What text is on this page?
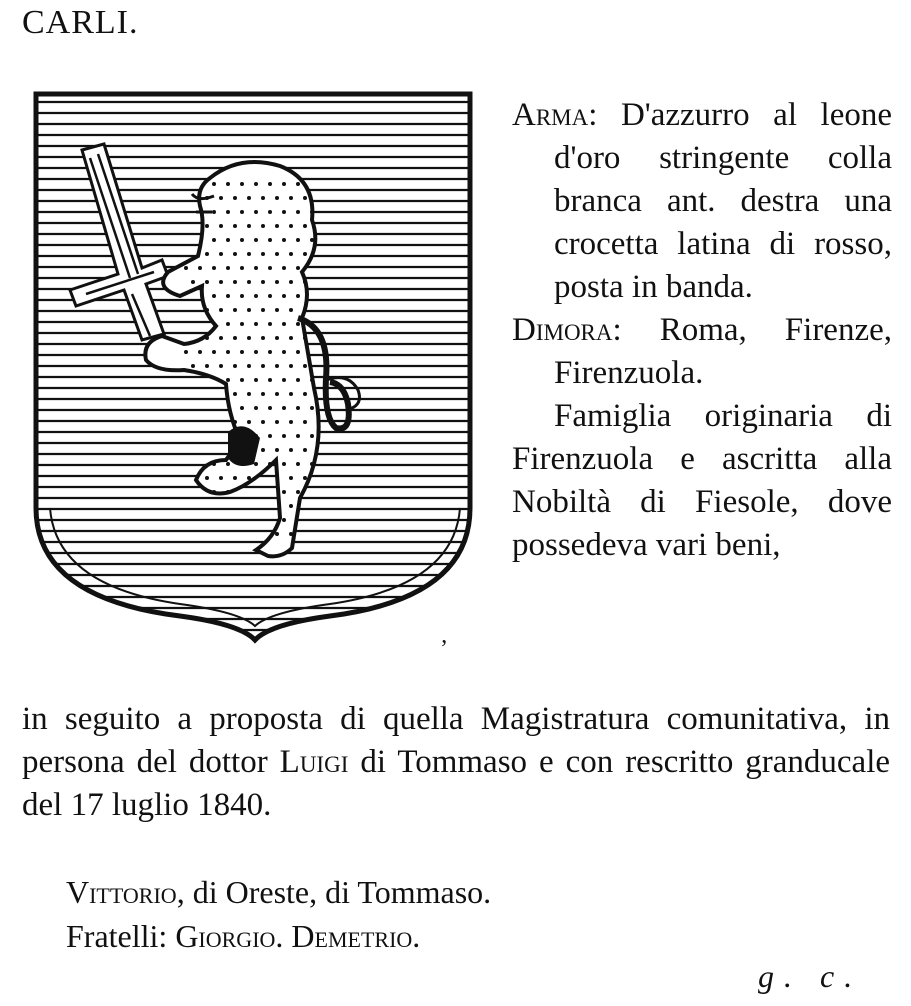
CARLI.

Arma: D'azzurro al leone d'oro stringente colla branca ant. destra una crocetta latina di rosso, posta in banda.

Dimora: Roma, Firenze, Firenzuola.

Famiglia originaria di Firenzuola e ascritta alla Nobiltà di Fiesole, dove possedeva vari beni,

ʼ

in seguito a proposta di quella Magistratura comunitativa, in persona del dottor Luigi di Tommaso e con rescritto granducale del 17 luglio 1840.

Vittorio, di Oreste, di Tommaso.

Fratelli: Giorgio. Demetrio.

g. c.
